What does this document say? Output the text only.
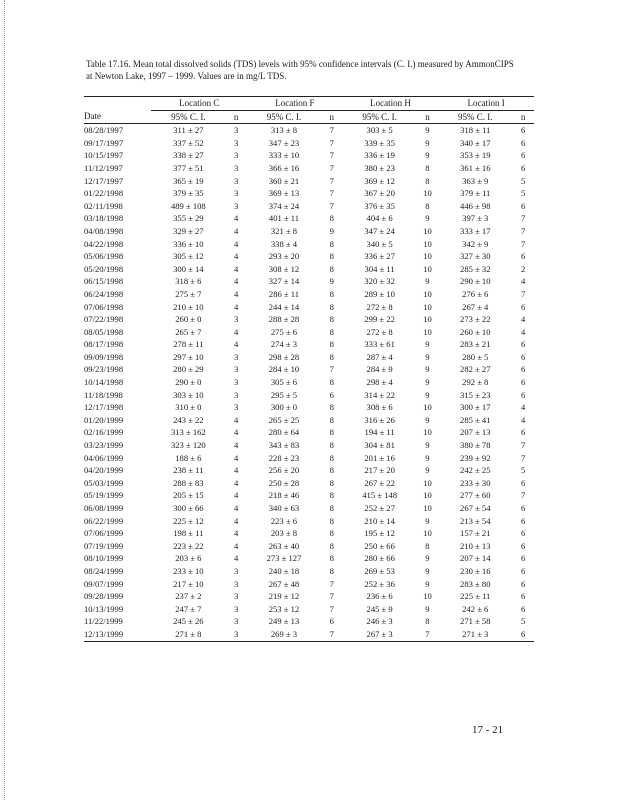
Table 17.16. Mean total dissolved solids (TDS) levels with 95% confidence intervals (C. I.) measured by AmmonCIPS at Newton Lake, 1997 – 1999. Values are in mg/L TDS.
	Location C		Location F		Location H		Location I	
Date	95% C. I.	n	95% C. I.	n	95% C. I.	n	95% C. I.	n
08/28/1997	311 ± 27	3	313 ± 8	7	303 ± 5	9	318 ± 11	6
09/17/1997	337 ± 52	3	347 ± 23	7	339 ± 35	9	340 ± 17	6
10/15/1997	338 ± 27	3	333 ± 10	7	336 ± 19	9	353 ± 19	6
11/12/1997	377 ± 51	3	366 ± 16	7	380 ± 23	8	361 ± 16	6
12/17/1997	365 ± 19	3	360 ± 21	7	369 ± 12	8	363 ± 9	5
01/22/1998	379 ± 35	3	369 ± 13	7	367 ± 20	10	379 ± 11	5
02/11/1998	489 ± 108	3	374 ± 24	7	376 ± 35	8	446 ± 98	6
03/18/1998	355 ± 29	4	401 ± 11	8	404 ± 6	9	397 ± 3	7
04/08/1998	329 ± 27	4	321 ± 8	9	347 ± 24	10	333 ± 17	7
04/22/1998	336 ± 10	4	338 ± 4	8	340 ± 5	10	342 ± 9	7
05/06/1998	305 ± 12	4	293 ± 20	8	336 ± 27	10	327 ± 30	6
05/20/1998	300 ± 14	4	308 ± 12	8	304 ± 11	10	285 ± 32	2
06/15/1998	318 ± 6	4	327 ± 14	9	320 ± 32	9	290 ± 10	4
06/24/1998	275 ± 7	4	286 ± 11	8	289 ± 10	10	276 ± 6	7
07/06/1998	210 ± 10	4	244 ± 14	8	272 ± 8	10	267 ± 4	6
07/22/1998	260 ± 0	3	288 ± 28	8	299 ± 22	10	273 ± 22	4
08/05/1998	265 ± 7	4	275 ± 6	8	272 ± 8	10	260 ± 10	4
08/17/1998	278 ± 11	4	274 ± 3	8	333 ± 61	9	283 ± 21	6
09/09/1998	297 ± 10	3	298 ± 28	8	287 ± 4	9	280 ± 5	6
09/23/1998	280 ± 29	3	284 ± 10	7	284 ± 9	9	282 ± 27	6
10/14/1998	290 ± 0	3	305 ± 6	8	298 ± 4	9	292 ± 8	6
11/18/1998	303 ± 10	3	295 ± 5	6	314 ± 22	9	315 ± 23	6
12/17/1998	310 ± 0	3	300 ± 0	8	308 ± 6	10	300 ± 17	4
01/20/1999	243 ± 22	4	265 ± 25	8	316 ± 26	9	285 ± 41	4
02/16/1999	313 ± 162	4	280 ± 64	8	194 ± 11	10	207 ± 13	6
03/23/1999	323 ± 120	4	343 ± 83	8	304 ± 81	9	380 ± 78	7
04/06/1999	188 ± 6	4	228 ± 23	8	201 ± 16	9	239 ± 92	7
04/20/1999	238 ± 11	4	256 ± 20	8	217 ± 20	9	242 ± 25	5
05/03/1999	288 ± 83	4	250 ± 28	8	267 ± 22	10	233 ± 30	6
05/19/1999	205 ± 15	4	218 ± 46	8	415 ± 148	10	277 ± 60	7
06/08/1999	300 ± 66	4	340 ± 63	8	252 ± 27	10	267 ± 54	6
06/22/1999	225 ± 12	4	223 ± 6	8	210 ± 14	9	213 ± 54	6
07/06/1999	198 ± 11	4	203 ± 8	8	195 ± 12	10	157 ± 21	6
07/19/1999	223 ± 22	4	263 ± 40	8	250 ± 66	8	210 ± 13	6
08/10/1999	203 ± 6	4	273 ± 127	8	280 ± 66	9	207 ± 14	6
08/24/1999	233 ± 10	3	240 ± 18	8	269 ± 53	9	230 ± 16	6
09/07/1999	217 ± 10	3	267 ± 48	7	252 ± 36	9	283 ± 80	6
09/28/1999	237 ± 2	3	219 ± 12	7	236 ± 6	10	225 ± 11	6
10/13/1999	247 ± 7	3	253 ± 12	7	245 ± 9	9	242 ± 6	6
11/22/1999	245 ± 26	3	249 ± 13	6	246 ± 3	8	271 ± 58	5
12/13/1999	271 ± 8	3	269 ± 3	7	267 ± 3	7	271 ± 3	6
17 - 21
